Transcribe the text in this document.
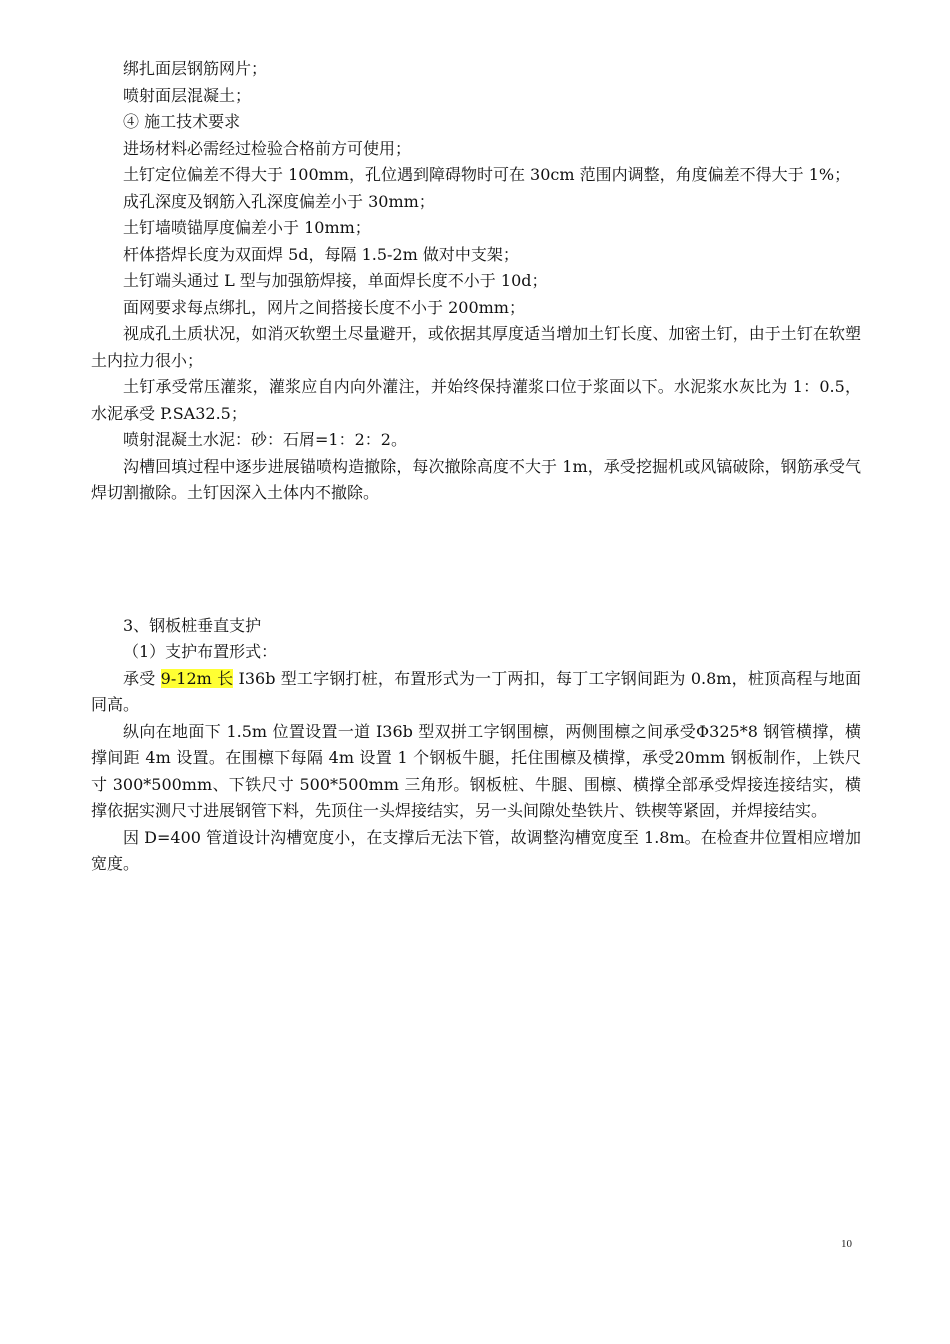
绑扎面层钢筋网片；

喷射面层混凝土；

④ 施工技术要求

进场材料必需经过检验合格前方可使用；

土钉定位偏差不得大于 100mm，孔位遇到障碍物时可在 30cm 范围内调整，角度偏差不得大于 1%；

成孔深度及钢筋入孔深度偏差小于 30mm；

土钉墙喷锚厚度偏差小于 10mm；

杆体搭焊长度为双面焊 5d，每隔 1.5-2m 做对中支架；

土钉端头通过 L 型与加强筋焊接，单面焊长度不小于 10d；

面网要求每点绑扎，网片之间搭接长度不小于 200mm；

视成孔土质状况，如消灭软塑土尽量避开，或依据其厚度适当增加土钉长度、加密土钉，由于土钉在软塑土内拉力很小；

土钉承受常压灌浆，灌浆应自内向外灌注，并始终保持灌浆口位于浆面以下。水泥浆水灰比为 1：0.5，水泥承受 P.SA32.5；

喷射混凝土水泥：砂：石屑=1：2：2。

沟槽回填过程中逐步进展锚喷构造撤除，每次撤除高度不大于 1m，承受挖掘机或风镐破除，钢筋承受气焊切割撤除。土钉因深入土体内不撤除。

3、钢板桩垂直支护

（1）支护布置形式：

承受 9-12m 长 I36b 型工字钢打桩，布置形式为一丁两扣，每丁工字钢间距为 0.8m，桩顶高程与地面同高。

纵向在地面下 1.5m 位置设置一道 I36b 型双拼工字钢围檩，两侧围檩之间承受Φ325*8 钢管横撑，横撑间距 4m 设置。在围檩下每隔 4m 设置 1 个钢板牛腿，托住围檩及横撑，承受20mm 钢板制作，上铁尺寸 300*500mm、下铁尺寸 500*500mm 三角形。钢板桩、牛腿、围檩、横撑全部承受焊接连接结实，横撑依据实测尺寸进展钢管下料，先顶住一头焊接结实，另一头间隙处垫铁片、铁楔等紧固，并焊接结实。

因 D=400 管道设计沟槽宽度小，在支撑后无法下管，故调整沟槽宽度至 1.8m。在检查井位置相应增加宽度。

10
